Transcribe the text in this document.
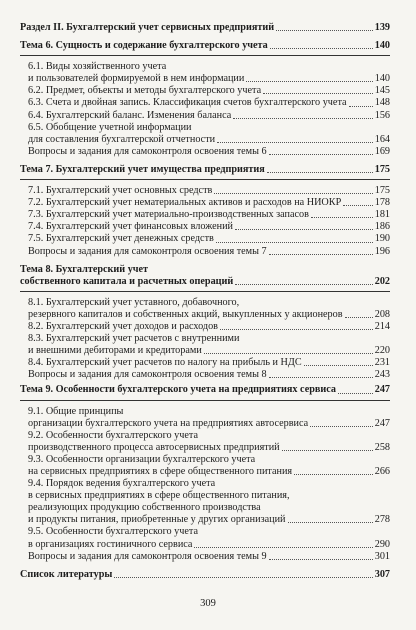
Раздел II. Бухгалтерский учет сервисных предприятий	139
Тема 6. Сущность и содержание бухгалтерского учета	140
6.1. Виды хозяйственного учета
и пользователей формируемой в нем информации	140
6.2. Предмет, объекты и методы бухгалтерского учета	145
6.3. Счета и двойная запись. Классификация счетов бухгалтерского учета	148
6.4. Бухгалтерский баланс. Изменения баланса	156
6.5. Обобщение учетной информации
для составления бухгалтерской отчетности	164
Вопросы и задания для самоконтроля освоения темы 6	169
Тема 7. Бухгалтерский учет имущества предприятия	175
7.1. Бухгалтерский учет основных средств	175
7.2. Бухгалтерский учет нематериальных активов и расходов на НИОКР	178
7.3. Бухгалтерский учет материально-производственных запасов	181
7.4. Бухгалтерский учет финансовых вложений	186
7.5. Бухгалтерский учет денежных средств	190
Вопросы и задания для самоконтроля освоения темы 7	196
Тема 8. Бухгалтерский учет
собственного капитала и расчетных операций	202
8.1. Бухгалтерский учет уставного, добавочного,
резервного капиталов и собственных акций, выкупленных у акционеров	208
8.2. Бухгалтерский учет доходов и расходов	214
8.3. Бухгалтерский учет расчетов с внутренними
и внешними дебиторами и кредиторами	220
8.4. Бухгалтерский учет расчетов по налогу на прибыль и НДС	231
Вопросы и задания для самоконтроля освоения темы 8	243
Тема 9. Особенности бухгалтерского учета на предприятиях сервиса	247
9.1. Общие принципы
организации бухгалтерского учета на предприятиях автосервиса	247
9.2. Особенности бухгалтерского учета
производственного процесса автосервисных предприятий	258
9.3. Особенности организации бухгалтерского учета
на сервисных предприятиях в сфере общественного питания	266
9.4. Порядок ведения бухгалтерского учета
в сервисных предприятиях в сфере общественного питания,
реализующих продукцию собственного производства
и продукты питания, приобретенные у других организаций	278
9.5. Особенности бухгалтерского учета
в организациях гостиничного сервиса	290
Вопросы и задания для самоконтроля освоения темы 9	301
Список литературы	307
309
